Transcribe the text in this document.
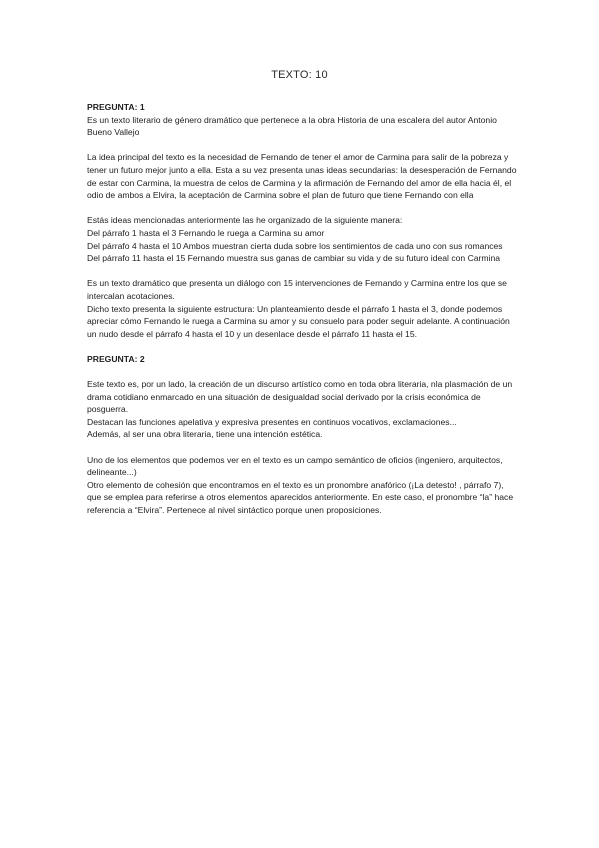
TEXTO: 10

PREGUNTA: 1

Es un texto literario de género dramático que pertenece a la obra Historia de una escalera del autor Antonio Bueno Vallejo

La idea principal del texto es la necesidad de Fernando de tener el amor de Carmina para salir de la pobreza y tener un futuro mejor junto a ella. Esta a su vez presenta unas ideas secundarias: la desesperación de Fernando de estar con Carmina, la muestra de celos de Carmina y la afirmación de Fernando del amor de ella hacia él, el odio de ambos a Elvira, la aceptación de Carmina sobre el plan de futuro que tiene Fernando con ella

Estás ideas mencionadas anteriormente las he organizado de la siguiente manera:

Del párrafo 1 hasta el 3 Fernando le ruega a Carmina su amor

Del párrafo 4 hasta el 10 Ambos muestran cierta duda sobre los sentimientos de cada uno con sus romances

Del párrafo 11 hasta el 15 Fernando muestra sus ganas de cambiar su vida y de su futuro ideal con Carmina

Es un texto dramático que presenta un diálogo con 15 intervenciones de Fernando y Carmina entre los que se intercalan acotaciones.

Dicho texto presenta la siguiente estructura: Un planteamiento desde el párrafo 1 hasta el 3, donde podemos apreciar cómo Fernando le ruega a Carmina su amor y su consuelo para poder seguir adelante. A continuación un nudo desde el párrafo 4 hasta el 10 y un desenlace desde el párrafo 11 hasta el 15.

PREGUNTA: 2

Este texto es, por un lado, la creación de un discurso artístico como en toda obra literaria, nla plasmación de un drama cotidiano enmarcado en una situación de desigualdad social derivado por la crisis económica de posguerra.

Destacan las funciones apelativa y expresiva presentes en continuos vocativos, exclamaciones...

Además, al ser una obra literaria, tiene una intención estética.

Uno de los elementos que podemos ver en el texto es un campo semántico de oficios (ingeniero, arquitectos, delineante...)

Otro elemento de cohesión que encontramos en el texto es un pronombre anafórico (¡La detesto! , párrafo 7), que se emplea para referirse a otros elementos aparecidos anteriormente. En este caso, el pronombre “la” hace referencia a “Elvira”. Pertenece al nivel sintáctico porque unen proposiciones.
